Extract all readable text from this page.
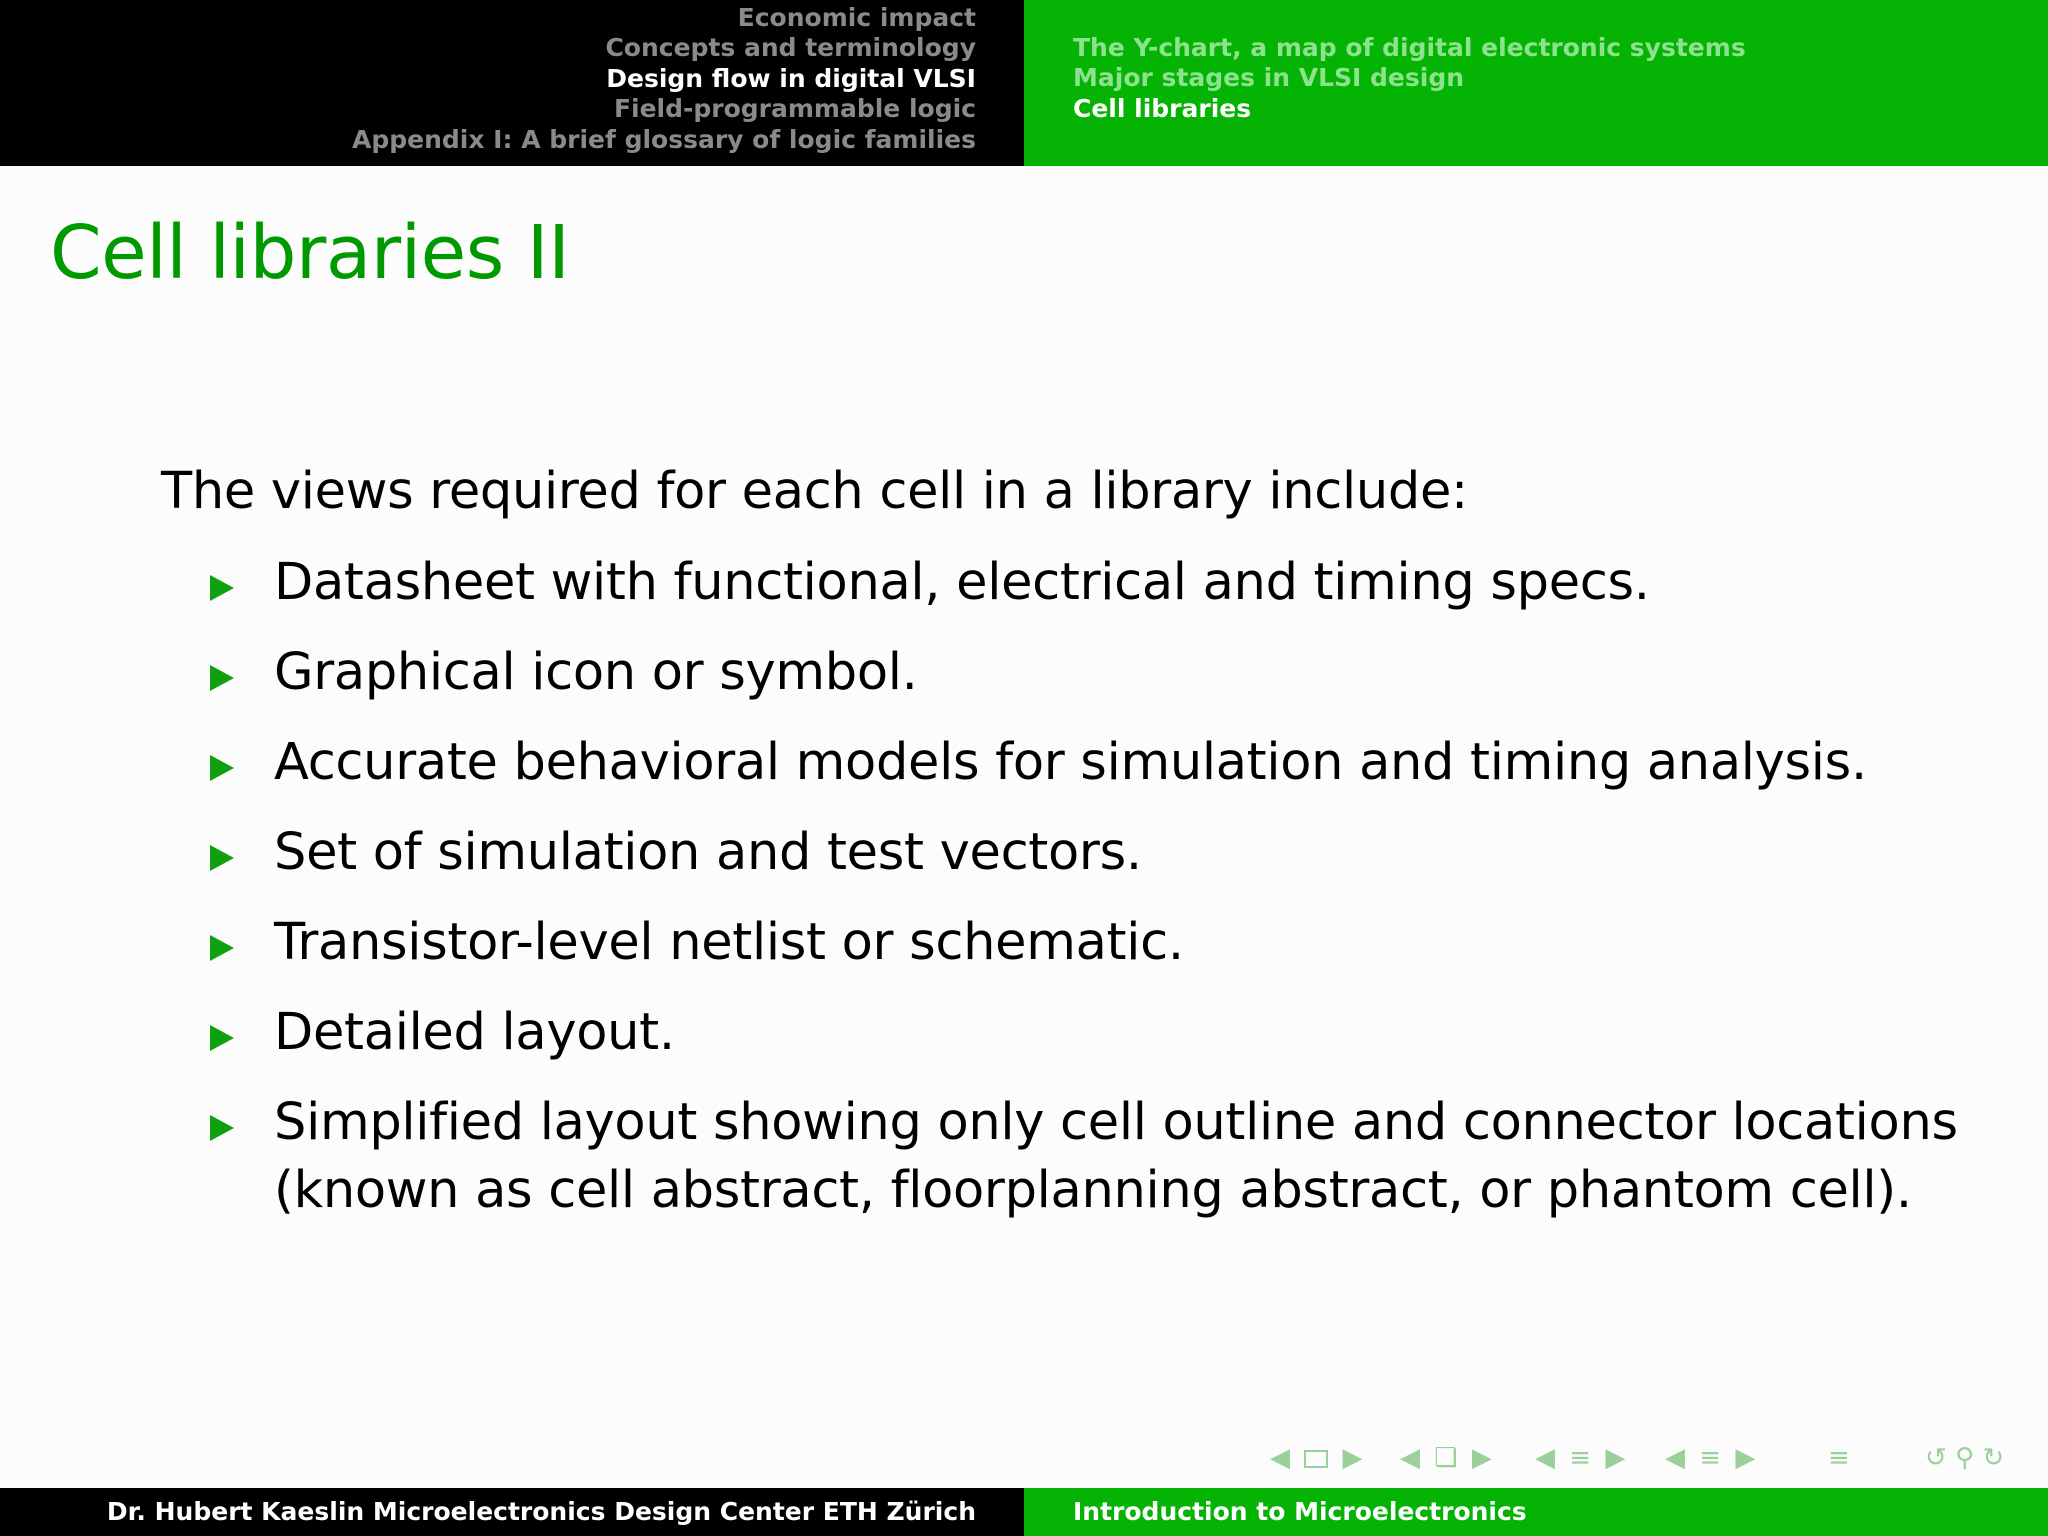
Economic impact
Concepts and terminology
Design flow in digital VLSI
Field-programmable logic
Appendix I: A brief glossary of logic families
The Y-chart, a map of digital electronic systems
Major stages in VLSI design
Cell libraries
Cell libraries II

The views required for each cell in a library include:

Datasheet with functional, electrical and timing specs.
Graphical icon or symbol.
Accurate behavioral models for simulation and timing analysis.
Set of simulation and test vectors.
Transistor-level netlist or schematic.
Detailed layout.
Simplified layout showing only cell outline and connector locations
(known as cell abstract, floorplanning abstract, or phantom cell).
◀ ▶ ◀ ❏ ▶ ◀ ≡ ▶ ◀ ≡ ▶	≡	↺ ⚲ ↻
Dr. Hubert Kaeslin Microelectronics Design Center ETH Zürich	Introduction to Microelectronics
